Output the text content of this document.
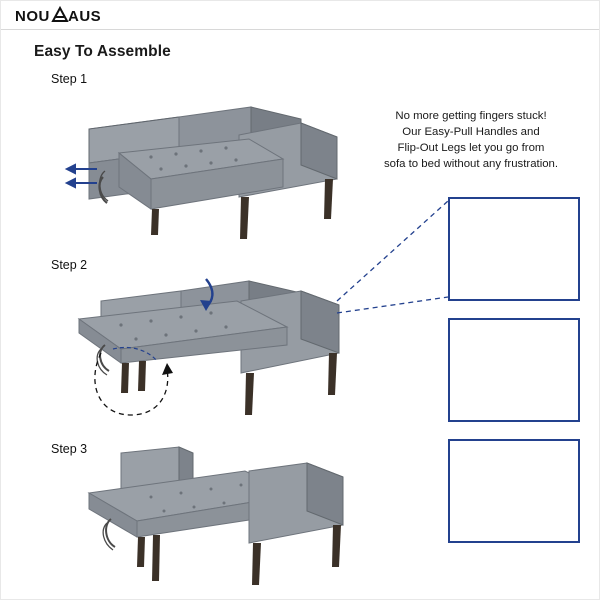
NOU AUS
Easy To Assemble
Step 1
Step 2
Step 3
No more getting fingers stuck!
Our Easy-Pull Handles and
Flip-Out Legs let you go from
sofa to bed without any frustration.
